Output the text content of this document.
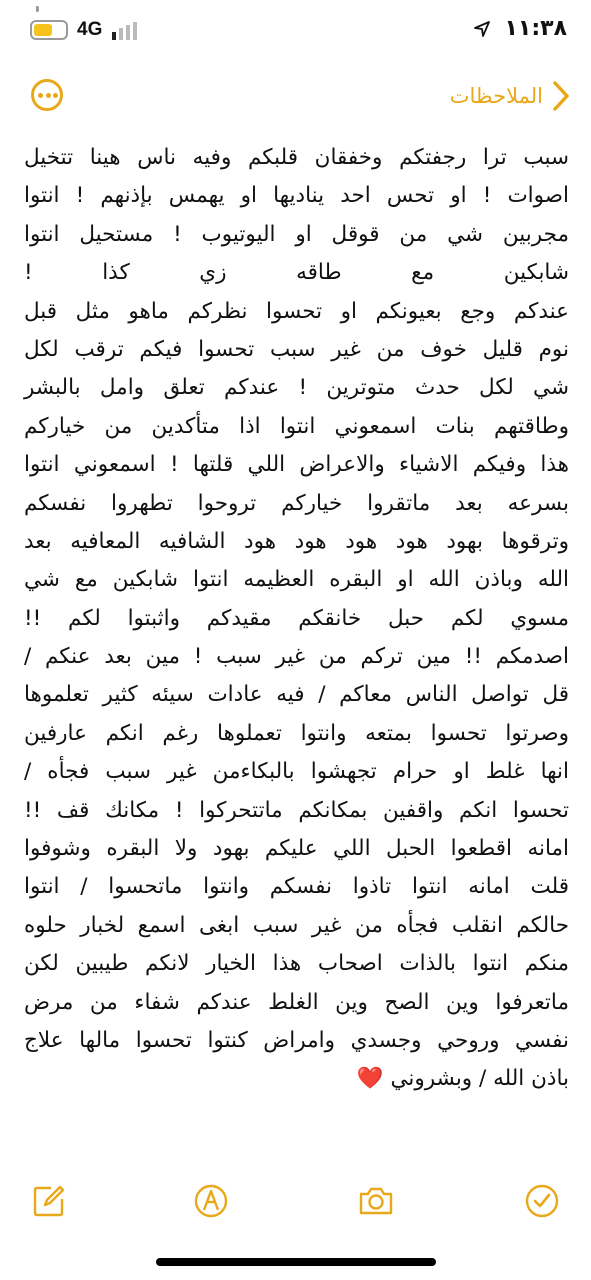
4G	١١:٣٨
الملاحظات
سبب ترا رجفتكم وخفقان قلبكم وفيه ناس هينا تتخيل
اصوات ! او تحس احد يناديها او يهمس بإذنهم ! انتوا
مجربين شي من قوقل او اليوتيوب ! مستحيل انتوا
شابكين مع طاقه زي كذا !
عندكم وجع بعيونكم او تحسوا نظركم ماهو مثل قبل
نوم قليل خوف من غير سبب تحسوا فيكم ترقب لكل
شي لكل حدث متوترين ! عندكم تعلق وامل بالبشر
وطاقتهم بنات اسمعوني انتوا اذا متأكدين من خياركم
هذا وفيكم الاشياء والاعراض اللي قلتها ! اسمعوني انتوا
بسرعه بعد ماتقروا خياركم تروحوا تطهروا نفسكم
وترقوها بهود هود هود هود هود الشافيه المعافيه بعد
الله وباذن الله او البقره العظيمه انتوا شابكين مع شي
مسوي لكم حبل خانقكم مقيدكم واثبتوا لكم !!
اصدمكم !! مين تركم من غير سبب ! مين بعد عنكم /
قل تواصل الناس معاكم / فيه عادات سيئه كثير تعلموها
وصرتوا تحسوا بمتعه وانتوا تعملوها رغم انكم عارفين
انها غلط او حرام تجهشوا بالبكاءمن غير سبب فجأه /
تحسوا انكم واقفين بمكانكم ماتتحركوا ! مكانك قف !!
امانه اقطعوا الحبل اللي عليكم بهود ولا البقره وشوفوا
قلت امانه انتوا تاذوا نفسكم وانتوا ماتحسوا / انتوا
حالكم انقلب فجأه من غير سبب ابغى اسمع لخبار حلوه
منكم انتوا بالذات اصحاب هذا الخيار لانكم طيبين لكن
ماتعرفوا وين الصح وين الغلط عندكم شفاء من مرض
نفسي وروحي وجسدي وامراض كنتوا تحسوا مالها علاج
باذن الله / وبشروني ❤️
